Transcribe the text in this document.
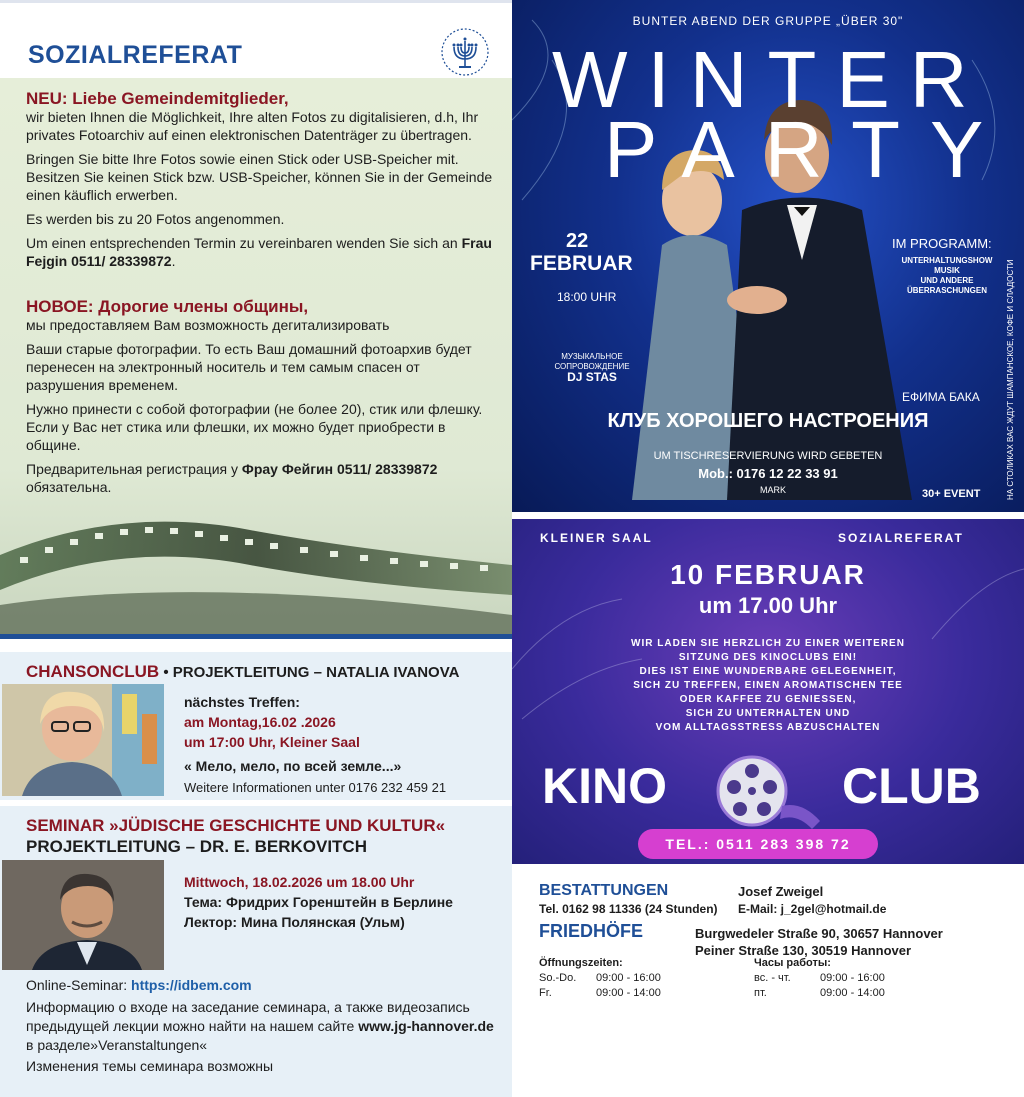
SOZIALREFERAT
NEU: Liebe Gemeindemitglieder,
wir bieten Ihnen die Möglichkeit, Ihre alten Fotos zu digitalisieren, d.h, Ihr privates Fotoarchiv auf einen elektronischen Datenträger zu übertragen.
Bringen Sie bitte Ihre Fotos sowie einen Stick oder USB-Speicher mit. Besitzen Sie keinen Stick bzw. USB-Speicher, können Sie in der Gemeinde einen käuflich erwerben.
Es werden bis zu 20 Fotos angenommen.
Um einen entsprechenden Termin zu vereinbaren wenden Sie sich an Frau Fejgin 0511/ 28339872.
НОВОЕ: Дорогие члены общины,
мы предоставляем Вам возможность дегитализировать
Ваши старые фотографии. То есть Ваш домашний фотоархив будет перенесен на электронный носитель и тем самым спасен от разрушения временем.
Нужно принести с собой фотографии (не более 20), стик или флешку. Если у Вас нет стика или флешки, их можно будет приобрести в общине.
Предварительная регистрация у Фрау Фейгин 0511/ 28339872 обязательна.
CHANSONCLUB • PROJEKTLEITUNG – NATALIA IVANOVA
nächstes Treffen:
am Montag,16.02 .2026
um 17:00 Uhr, Kleiner Saal
« Мело, мело, по всей земле...»
Weitere Informationen unter 0176 232 459 21
SEMINAR »JÜDISCHE GESCHICHTE UND KULTUR«
PROJEKTLEITUNG – DR. E. BERKOVITCH
Mittwoch, 18.02.2026 um 18.00 Uhr
Тема: Фридрих Горенштейн в Берлине
Лектор: Мина Полянская (Ульм)
Online-Seminar: https://idbem.com
Информацию о входе на заседание семинара, а также видеозапись предыдущей лекции можно найти на нашем сайте www.jg-hannover.de в разделе»Veranstaltungen«
Изменения темы семинара возможны
BUNTER ABEND DER GRUPPE „ÜBER 30"
WINTER
PARTY
22
FEBRUAR
18:00 UHR
IM PROGRAMM:
UNTERHALTUNGSHOW
MUSIK
UND ANDERE
ÜBERRASCHUNGEN
МУЗЫКАЛЬНОЕ
СОПРОВОЖДЕНИЕ
DJ STAS
ЕФИМА БАКА
КЛУБ ХОРОШЕГО НАСТРОЕНИЯ
UM TISCHRESERVIERUNG WIRD GEBETEN
Mob.: 0176 12 22 33 91
MARK	30+ EVENT	НА СТОЛИКАХ ВАС ЖДУТ ШАМПАНСКОЕ, КОФЕ И СЛАДОСТИ
KLEINER SAAL	SOZIALREFERAT
10 FEBRUAR
um 17.00 Uhr
WIR LADEN SIE HERZLICH ZU EINER WEITEREN
SITZUNG DES KINOCLUBS EIN!
DIES IST EINE WUNDERBARE GELEGENHEIT,
SICH ZU TREFFEN, EINEN AROMATISCHEN TEE
ODER KAFFEE ZU GENIESSEN,
SICH ZU UNTERHALTEN UND
VOM ALLTAGSSTRESS ABZUSCHALTEN
KINO	CLUB
TEL.: 0511 283 398 72
BESTATTUNGEN
Tel. 0162 98 11336 (24 Stunden)
Josef Zweigel
E-Mail: j_2gel@hotmail.de
FRIEDHÖFE	Burgwedeler Straße 90, 30657 Hannover
Peiner Straße 130, 30519 Hannover
Öffnungszeiten:
So.-Do. 09:00 - 16:00
Fr.	09:00 - 14:00
Часы работы:
вс. - чт.	09:00 - 16:00
пт.	09:00 - 14:00
